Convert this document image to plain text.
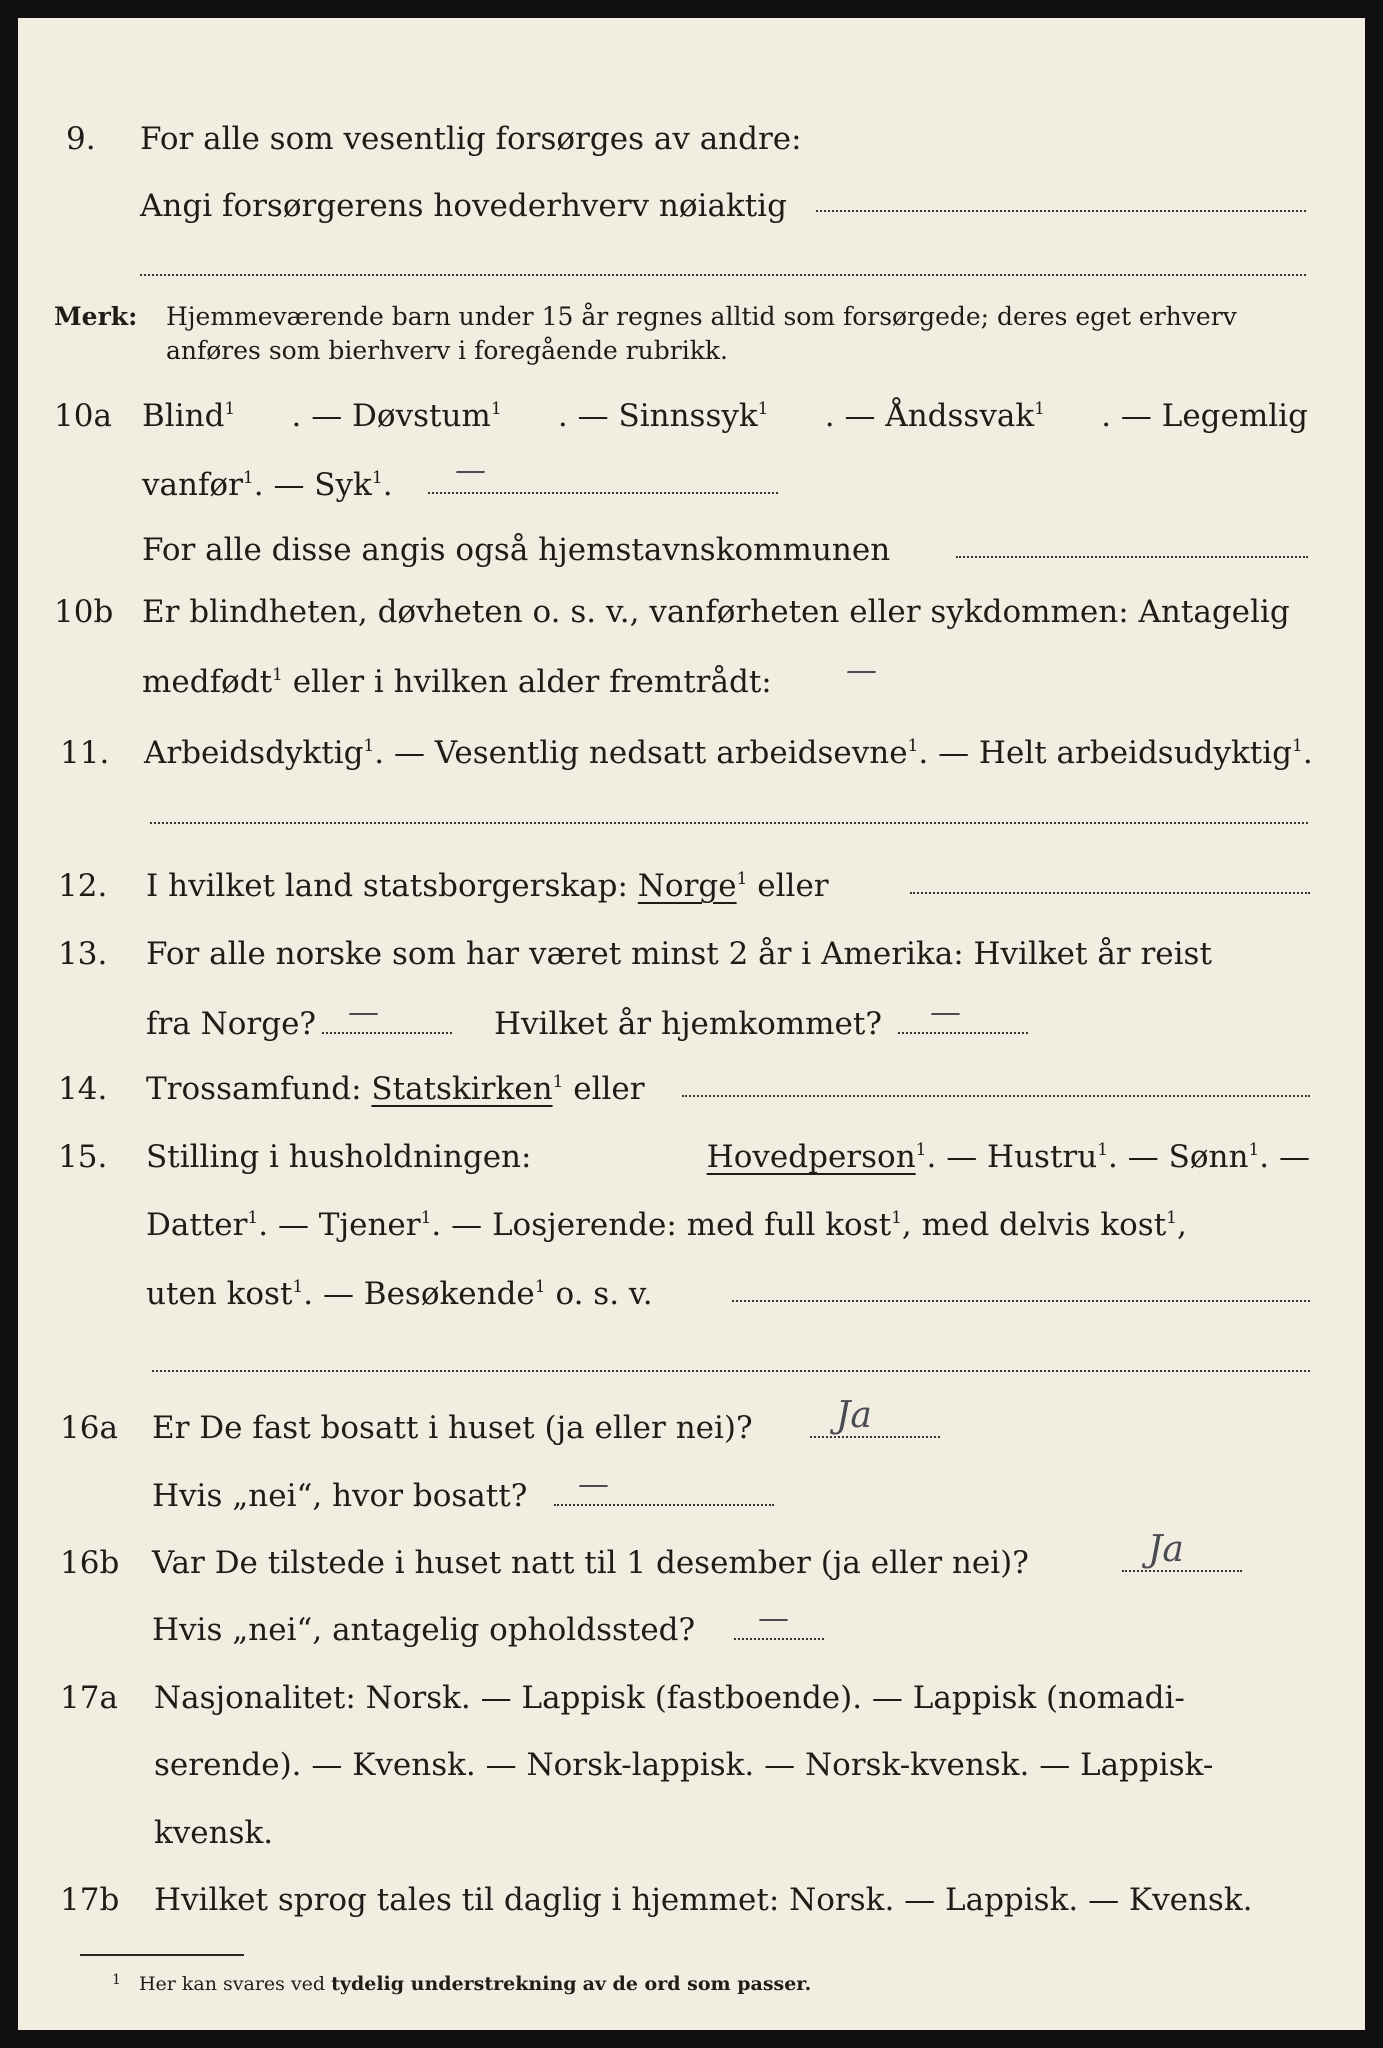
9. For alle som vesentlig forsørges av andre:
Angi forsørgerens hovederhverv nøiaktig
Merk: Hjemmeværende barn under 15 år regnes alltid som forsørgede; deres eget erhverv
anføres som bierhverv i foregående rubrikk.
10a Blind$^1$ . — Døvstum$^1$ . — Sinnssyk$^1$ . — Åndssvak$^1$ . — Legemlig
vanfør$^1$. — Syk$^1$. —
For alle disse angis også hjemstavnskommunen
10b Er blindheten, døvheten o. s. v., vanførheten eller sykdommen: Antagelig
medfødt$^1$ eller i hvilken alder fremtrådt: —
11. Arbeidsdyktig$^1$. — Vesentlig nedsatt arbeidsevne$^1$. — Helt arbeidsudyktig$^1$.
12. I hvilket land statsborgerskap: Norge$^1$ eller
13. For alle norske som har været minst 2 år i Amerika: Hvilket år reist
fra Norge? —	Hvilket år hjemkommet? —
14. Trossamfund: Statskirken$^1$ eller
15. Stilling i husholdningen:	Hovedperson$^1$. — Hustru$^1$. — Sønn$^1$. —
Datter$^1$. — Tjener$^1$. — Losjerende: med full kost$^1$, med delvis kost$^1$,
uten kost$^1$. — Besøkende$^1$ o. s. v.
16a Er De fast bosatt i huset (ja eller nei)? Ja
Hvis „nei“, hvor bosatt? —
16b Var De tilstede i huset natt til 1 desember (ja eller nei)?	Ja
Hvis „nei“, antagelig opholdssted? —
17a Nasjonalitet: Norsk. — Lappisk (fastboende). — Lappisk (nomadi-
serende). — Kvensk. — Norsk-lappisk. — Norsk-kvensk. — Lappisk-
kvensk.
17b Hvilket sprog tales til daglig i hjemmet: Norsk. — Lappisk. — Kvensk.
$^1$ Her kan svares ved tydelig understrekning av de ord som passer.
